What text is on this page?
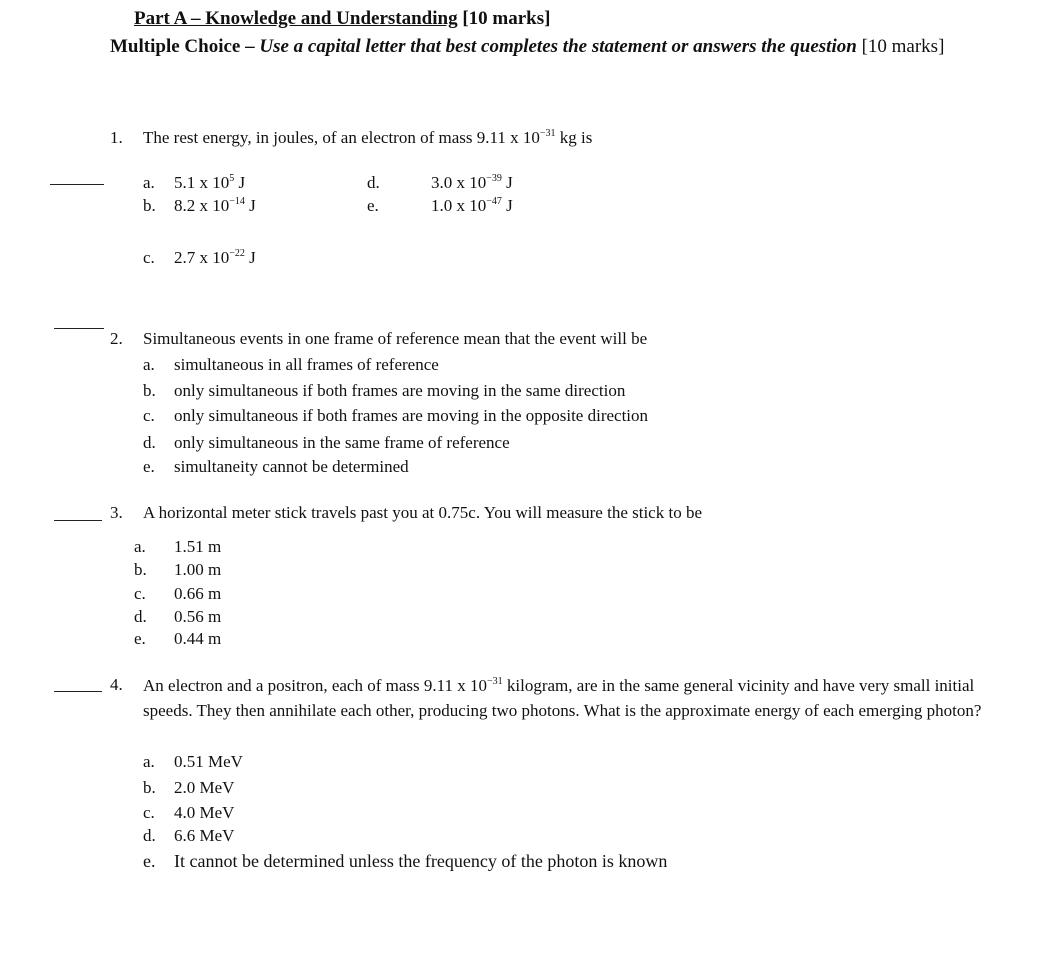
Part A – Knowledge and Understanding [10 marks]
Multiple Choice – Use a capital letter that best completes the statement or answers the question [10 marks]
1. The rest energy, in joules, of an electron of mass 9.11 x $10^{-31}$ kg is
a. 5.1 x $10^5$ J
b. 8.2 x $10^{-14}$ J
c. 2.7 x $10^{-22}$ J
d.	3.0 x $10^{-39}$ J
e.	1.0 x $10^{-47}$ J
2. Simultaneous events in one frame of reference mean that the event will be
a. simultaneous in all frames of reference
b. only simultaneous if both frames are moving in the same direction
c. only simultaneous if both frames are moving in the opposite direction
d. only simultaneous in the same frame of reference
e. simultaneity cannot be determined
3. A horizontal meter stick travels past you at 0.75c. You will measure the stick to be
a. 1.51 m
b. 1.00 m
c. 0.66 m
d. 0.56 m
e. 0.44 m
4. An electron and a positron, each of mass 9.11 x $10^{-31}$ kilogram, are in the same general vicinity and have very small initial speeds. They then annihilate each other, producing two photons. What is the approximate energy of each emerging photon?
a. 0.51 MeV
b. 2.0 MeV
c. 4.0 MeV
d. 6.6 MeV
e. It cannot be determined unless the frequency of the photon is known
